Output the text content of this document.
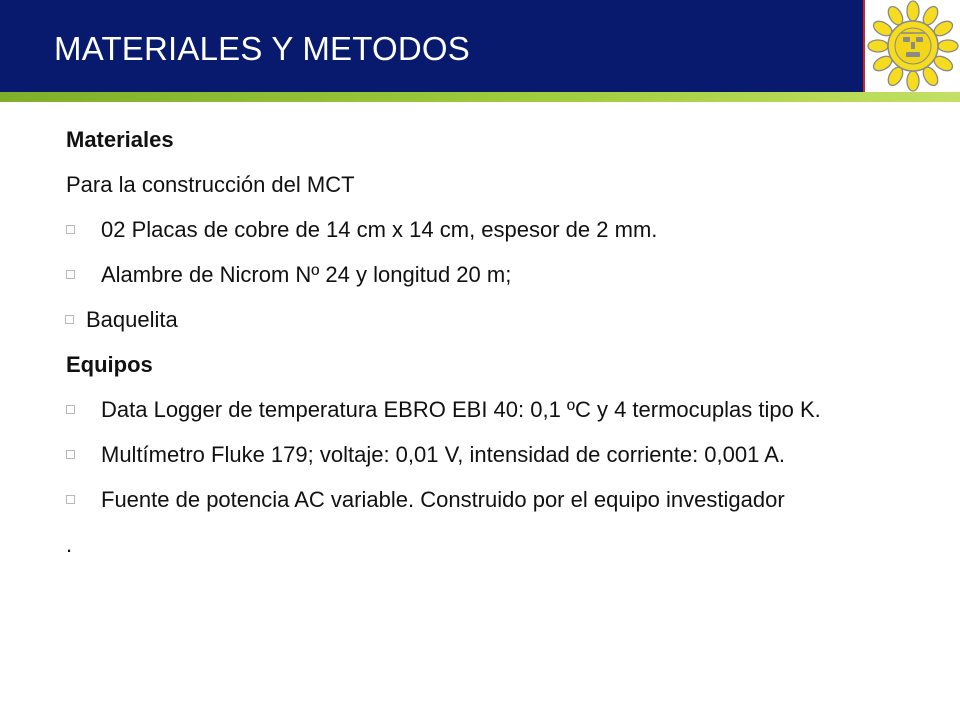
MATERIALES Y METODOS

Materiales

Para la construcción del MCT

02 Placas de cobre de 14 cm x 14 cm, espesor de 2 mm.
Alambre de Nicrom Nº 24 y longitud 20 m;
Baquelita

Equipos

Data Logger de temperatura EBRO EBI 40: 0,1 ºC y 4 termocuplas tipo K.
Multímetro Fluke 179; voltaje: 0,01 V, intensidad de corriente: 0,001 A.
Fuente de potencia AC variable. Construido por el equipo investigador

.
